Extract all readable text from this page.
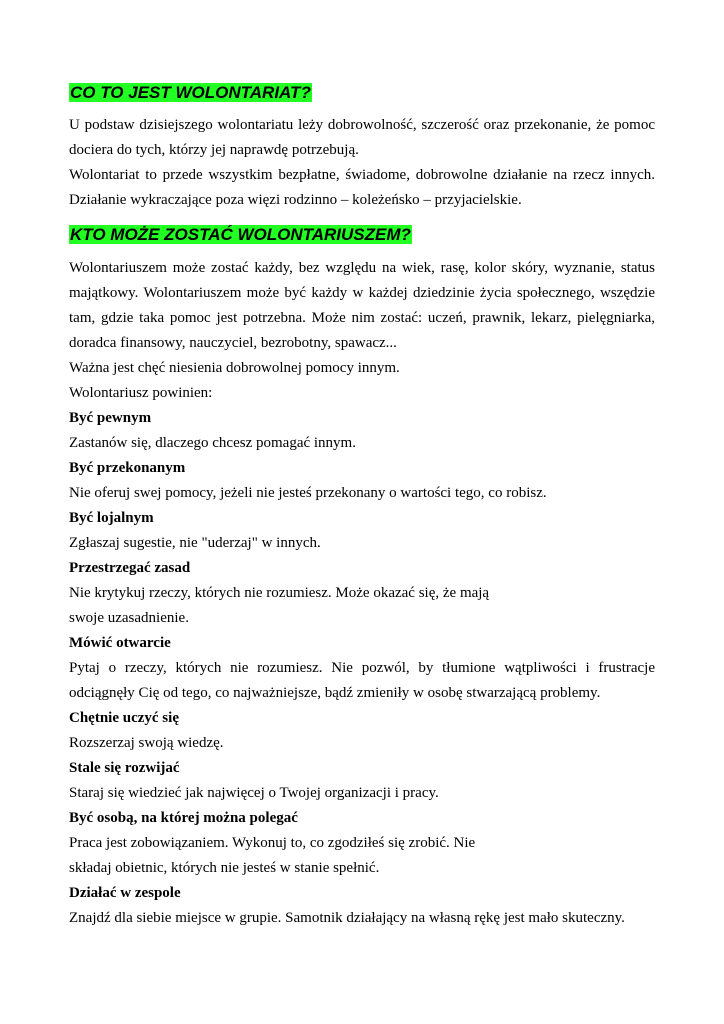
CO TO JEST WOLONTARIAT?

U podstaw dzisiejszego wolontariatu leży dobrowolność, szczerość oraz przekonanie, że pomoc dociera do tych, którzy jej naprawdę potrzebują.

Wolontariat to przede wszystkim bezpłatne, świadome, dobrowolne działanie na rzecz innych. Działanie wykraczające poza więzi rodzinno – koleżeńsko – przyjacielskie.

KTO MOŻE ZOSTAĆ WOLONTARIUSZEM?

Wolontariuszem może zostać każdy, bez względu na wiek, rasę, kolor skóry, wyznanie, status majątkowy. Wolontariuszem może być każdy w każdej dziedzinie życia społecznego, wszędzie tam, gdzie taka pomoc jest potrzebna. Może nim zostać: uczeń, prawnik, lekarz, pielęgniarka, doradca finansowy, nauczyciel, bezrobotny, spawacz...

Ważna jest chęć niesienia dobrowolnej pomocy innym.

Wolontariusz powinien:

Być pewnym

Zastanów się, dlaczego chcesz pomagać innym.

Być przekonanym

Nie oferuj swej pomocy, jeżeli nie jesteś przekonany o wartości tego, co robisz.

Być lojalnym

Zgłaszaj sugestie, nie "uderzaj" w innych.

Przestrzegać zasad

Nie krytykuj rzeczy, których nie rozumiesz. Może okazać się, że mają

swoje uzasadnienie.

Mówić otwarcie

Pytaj o rzeczy, których nie rozumiesz. Nie pozwól, by tłumione wątpliwości i frustracje odciągnęły Cię od tego, co najważniejsze, bądź zmieniły w osobę stwarzającą problemy.

Chętnie uczyć się

Rozszerzaj swoją wiedzę.

Stale się rozwijać

Staraj się wiedzieć jak najwięcej o Twojej organizacji i pracy.

Być osobą, na której można polegać

Praca jest zobowiązaniem. Wykonuj to, co zgodziłeś się zrobić. Nie

składaj obietnic, których nie jesteś w stanie spełnić.

Działać w zespole

Znajdź dla siebie miejsce w grupie. Samotnik działający na własną rękę jest mało skuteczny.
